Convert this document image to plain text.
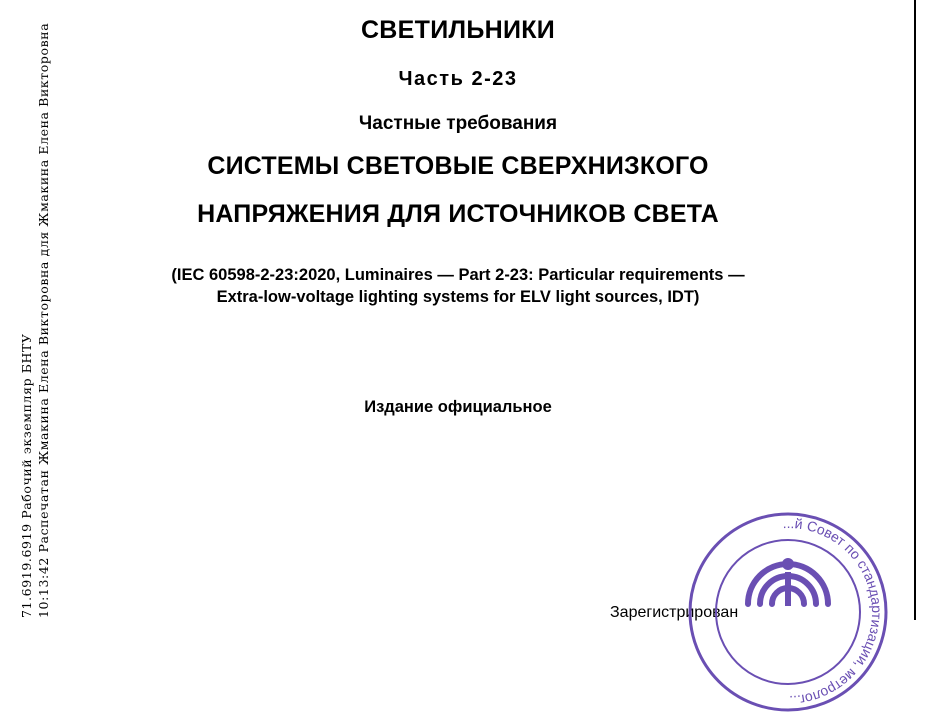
71.6919.6919 Рабочий экземпляр БНТУ 10:13:42 Распечатан Жмакина Елена Викторовна для Жмакина Елена Викторовна	СВЕТИЛЬНИКИ
Часть 2-23
Частные требования
СИСТЕМЫ СВЕТОВЫЕ СВЕРХНИЗКОГО
НАПРЯЖЕНИЯ ДЛЯ ИСТОЧНИКОВ СВЕТА
(IEC 60598-2-23:2020, Luminaires — Part 2-23: Particular requirements —
Extra-low-voltage lighting systems for ELV light sources, IDT)
Издание официальное
Зарегистрирован
...й Совет по стандартизации, метролог...
